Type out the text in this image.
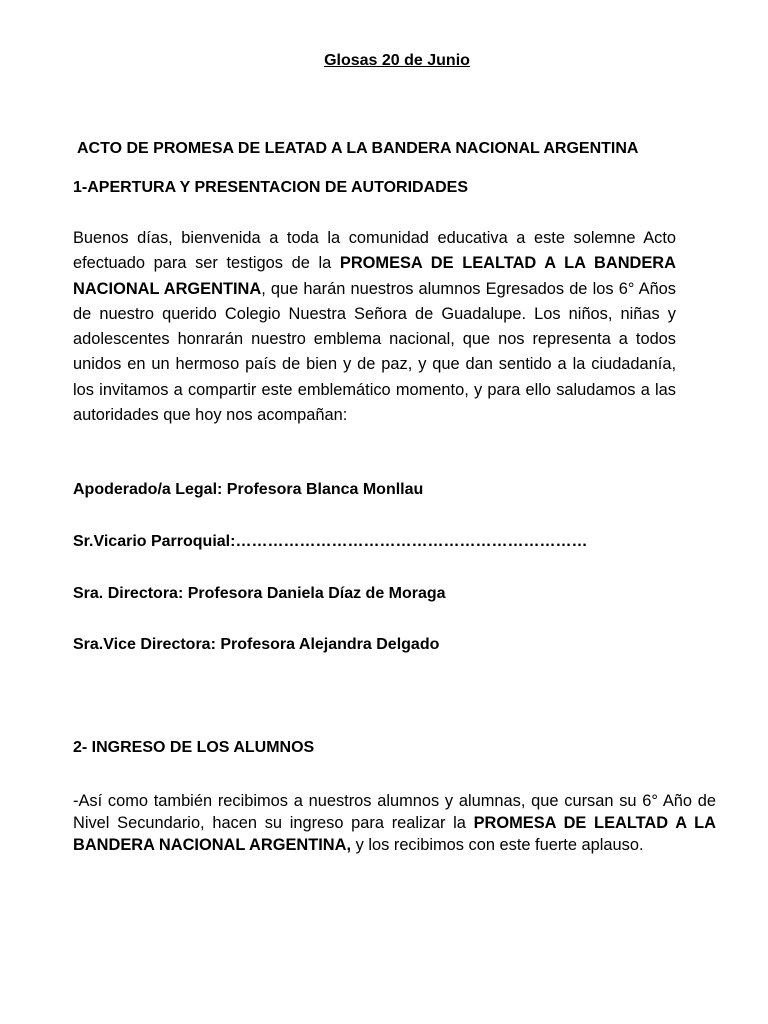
Glosas 20 de Junio
ACTO DE PROMESA DE LEATAD A LA BANDERA NACIONAL ARGENTINA
1-APERTURA Y PRESENTACION DE AUTORIDADES
Buenos días, bienvenida a toda la comunidad educativa a este solemne Acto efectuado para ser testigos de la PROMESA DE LEALTAD A LA BANDERA NACIONAL ARGENTINA, que harán nuestros alumnos Egresados de los 6° Años de nuestro querido Colegio Nuestra Señora de Guadalupe. Los niños, niñas y adolescentes honrarán nuestro emblema nacional, que nos representa a todos unidos en un hermoso país de bien y de paz, y que dan sentido a la ciudadanía, los invitamos a compartir este emblemático momento, y para ello saludamos a las autoridades que hoy nos acompañan:
Apoderado/a Legal: Profesora Blanca Monllau
Sr.Vicario Parroquial:…………………………………………………………
Sra. Directora: Profesora Daniela Díaz de Moraga
Sra.Vice Directora: Profesora Alejandra Delgado
2- INGRESO DE LOS ALUMNOS
-Así como también recibimos a nuestros alumnos y alumnas, que cursan su 6° Año de Nivel Secundario, hacen su ingreso para realizar la PROMESA DE LEALTAD A LA BANDERA NACIONAL ARGENTINA, y los recibimos con este fuerte aplauso.
